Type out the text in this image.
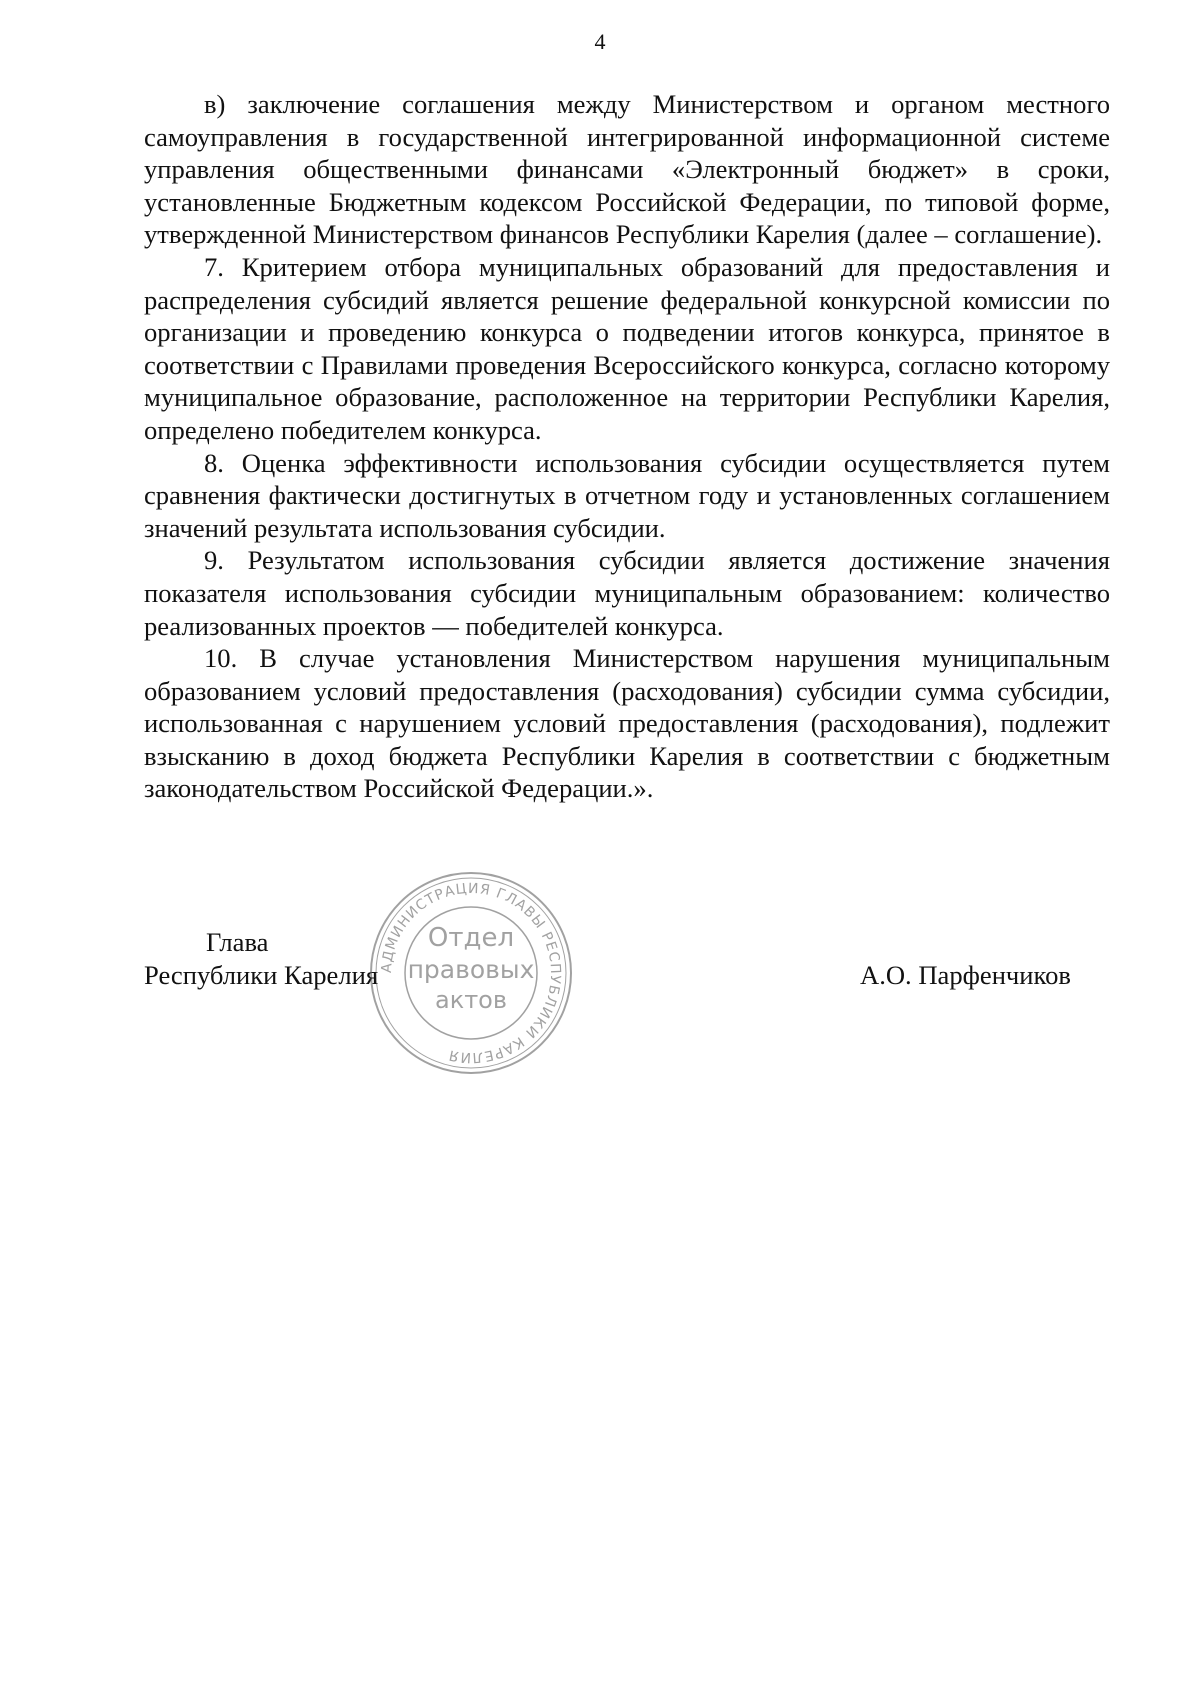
4

в) заключение соглашения между Министерством и органом местного самоуправления в государственной интегрированной информационной системе управления общественными финансами «Электронный бюджет» в сроки, установленные Бюджетным кодексом Российской Федерации, по типовой форме, утвержденной Министерством финансов Республики Карелия (далее – соглашение).

7. Критерием отбора муниципальных образований для предоставления и распределения субсидий является решение федеральной конкурсной комиссии по организации и проведению конкурса о подведении итогов конкурса, принятое в соответствии с Правилами проведения Всероссийского конкурса, согласно которому муниципальное образование, расположенное на территории Республики Карелия, определено победителем конкурса.

8. Оценка эффективности использования субсидии осуществляется путем сравнения фактически достигнутых в отчетном году и установленных соглашением значений результата использования субсидии.

9. Результатом использования субсидии является достижение значения показателя использования субсидии муниципальным образованием: количество реализованных проектов — победителей конкурса.

10. В случае установления Министерством нарушения муниципальным образованием условий предоставления (расходования) субсидии сумма субсидии, использованная с нарушением условий предоставления (расходования), подлежит взысканию в доход бюджета Республики Карелия в соответствии с бюджетным законодательством Российской Федерации.».

Глава
Республики Карелия	А.О. Парфенчиков
АДМИНИСТРАЦИЯ ГЛАВЫ РЕСПУБЛИКИ КАРЕЛИЯ
Отдел
правовых
актов
